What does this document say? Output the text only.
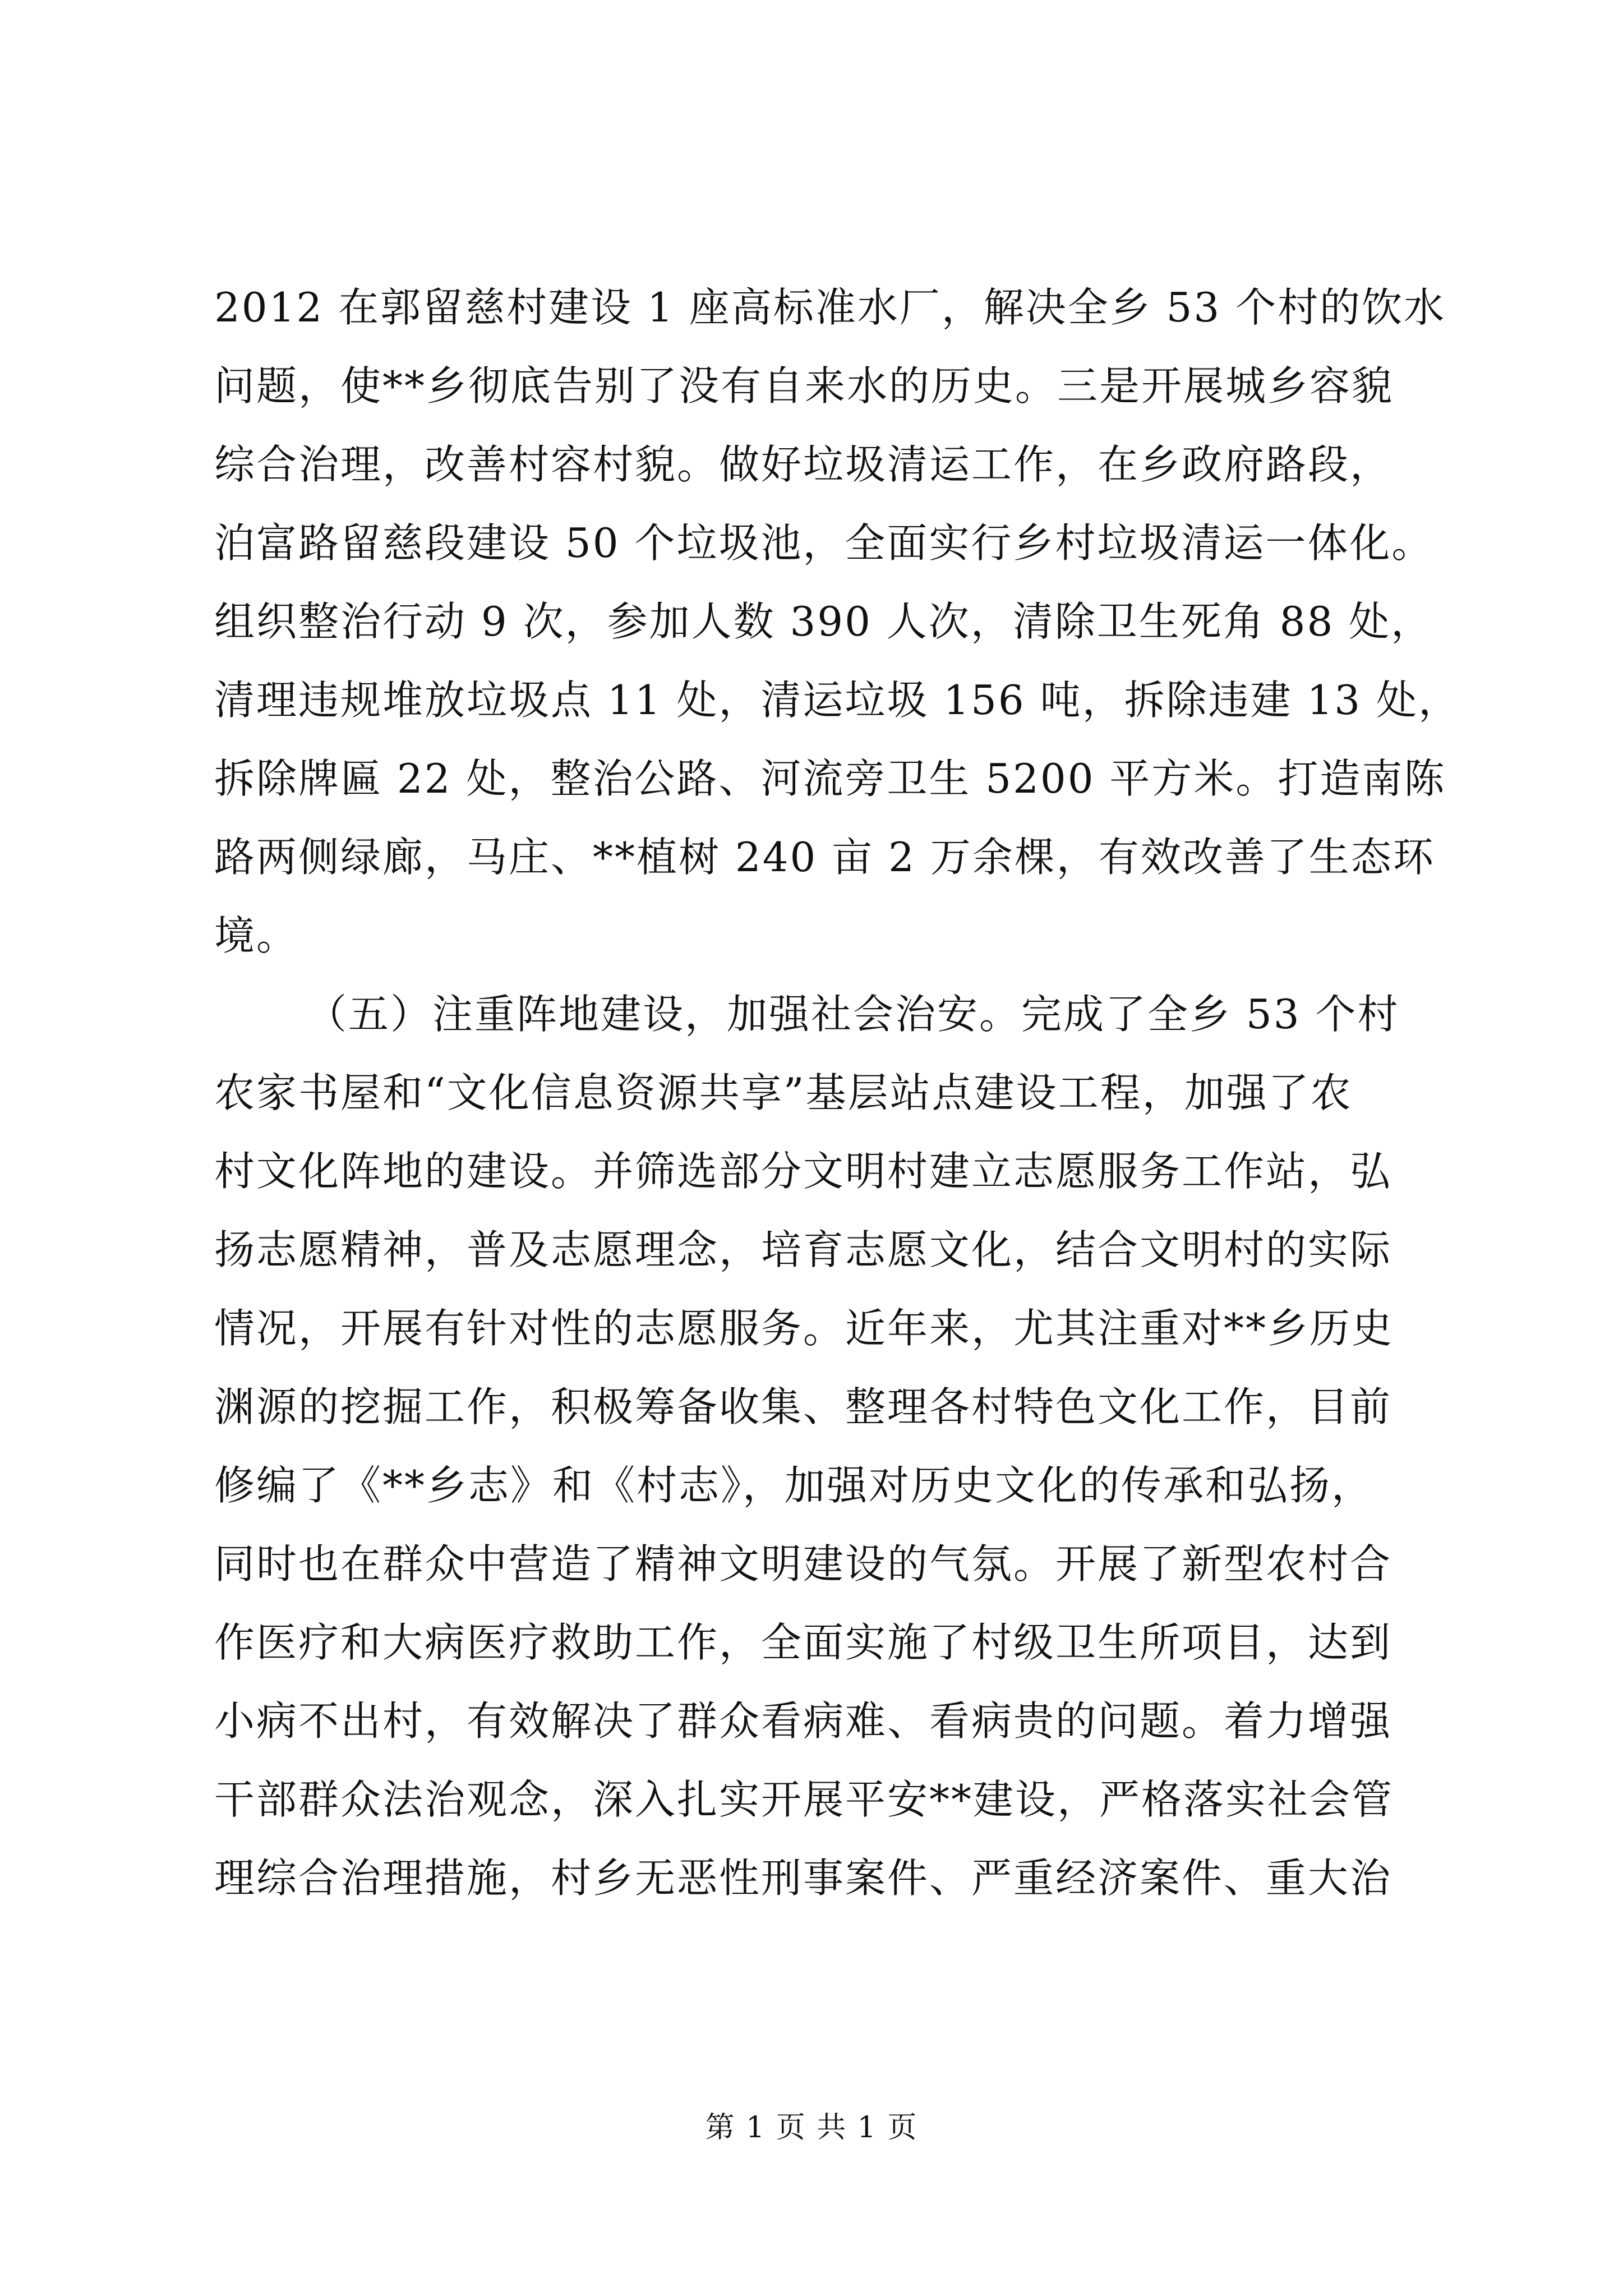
2012 在郭留慈村建设 1 座高标准水厂，解决全乡 53 个村的饮水
问题，使**乡彻底告别了没有自来水的历史。三是开展城乡容貌
综合治理，改善村容村貌。做好垃圾清运工作，在乡政府路段，
泊富路留慈段建设 50 个垃圾池，全面实行乡村垃圾清运一体化。
组织整治行动 9 次，参加人数 390 人次，清除卫生死角 88 处，
清理违规堆放垃圾点 11 处，清运垃圾 156 吨，拆除违建 13 处，
拆除牌匾 22 处，整治公路、河流旁卫生 5200 平方米。打造南陈
路两侧绿廊，马庄、**植树 240 亩 2 万余棵，有效改善了生态环
境。
（五）注重阵地建设，加强社会治安。完成了全乡 53 个村
农家书屋和“文化信息资源共享”基层站点建设工程，加强了农
村文化阵地的建设。并筛选部分文明村建立志愿服务工作站，弘
扬志愿精神，普及志愿理念，培育志愿文化，结合文明村的实际
情况，开展有针对性的志愿服务。近年来，尤其注重对**乡历史
渊源的挖掘工作，积极筹备收集、整理各村特色文化工作，目前
修编了《**乡志》和《村志》，加强对历史文化的传承和弘扬，
同时也在群众中营造了精神文明建设的气氛。开展了新型农村合
作医疗和大病医疗救助工作，全面实施了村级卫生所项目，达到
小病不出村，有效解决了群众看病难、看病贵的问题。着力增强
干部群众法治观念，深入扎实开展平安**建设，严格落实社会管
理综合治理措施，村乡无恶性刑事案件、严重经济案件、重大治
第 1 页 共 1 页
